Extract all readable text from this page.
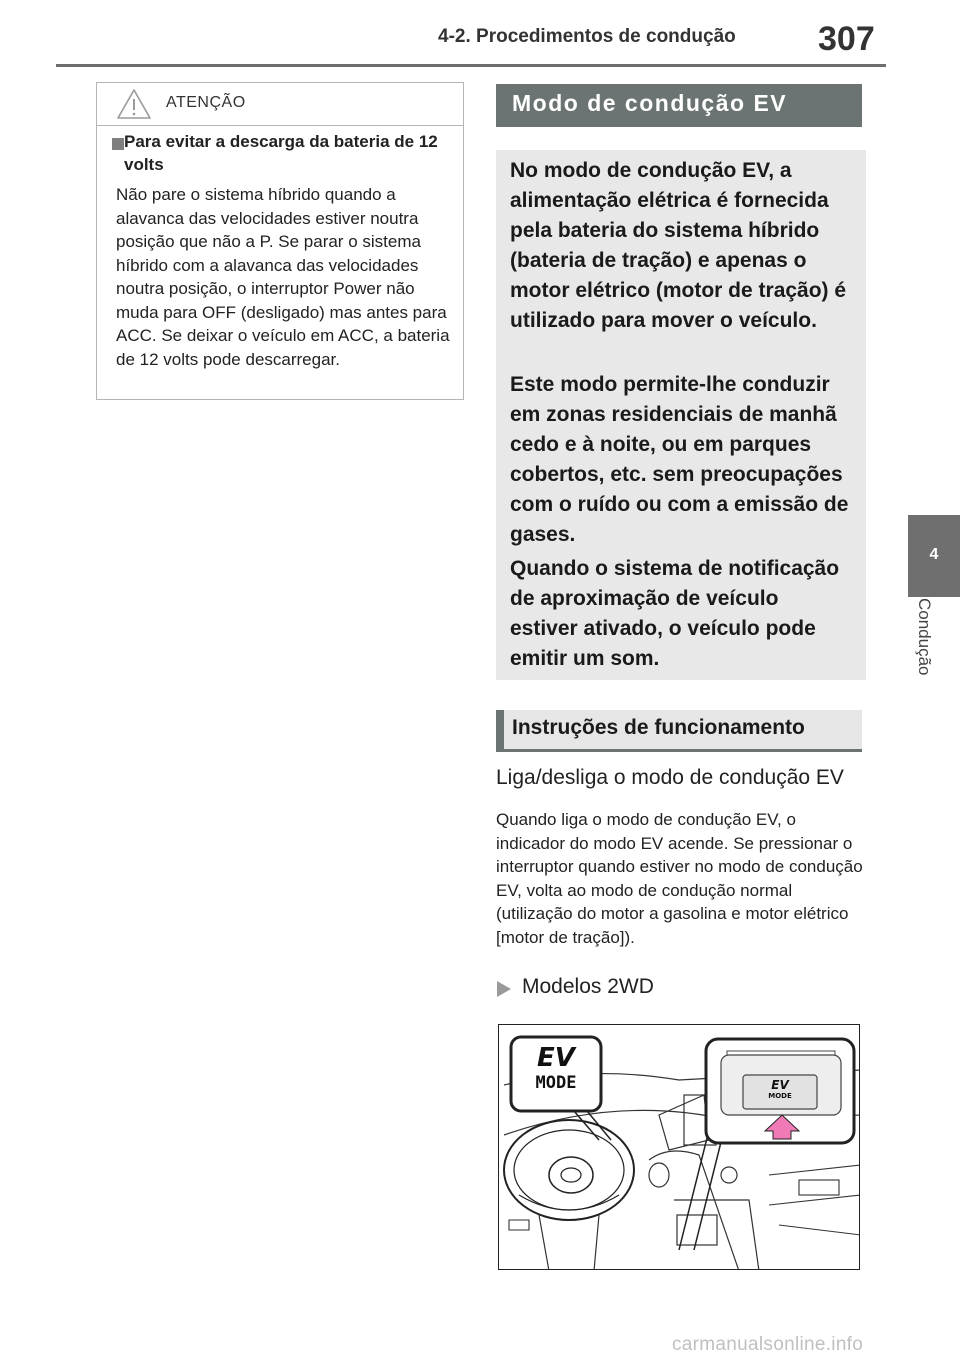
4-2. Procedimentos de condução	307
4
Condução
ATENÇÃO
Para evitar a descarga da bateria de 12 volts
Não pare o sistema híbrido quando a alavanca das velocidades estiver noutra posição que não a P. Se parar o sistema híbrido com a alavanca das velocidades noutra posição, o interruptor Power não muda para OFF (desligado) mas antes para ACC. Se deixar o veículo em ACC, a bateria de 12 volts pode descarregar.
Modo de condução EV
No modo de condução EV, a alimentação elétrica é fornecida pela bateria do sistema híbrido (bateria de tração) e apenas o motor elétrico (motor de tração) é utilizado para mover o veículo.
Este modo permite-lhe conduzir em zonas residenciais de manhã cedo e à noite, ou em parques cobertos, etc. sem preocupações com o ruído ou com a emissão de gases.
Quando o sistema de notificação de aproximação de veículo estiver ativado, o veículo pode emitir um som.
Instruções de funcionamento
Liga/desliga o modo de condução EV
Quando liga o modo de condução EV, o indicador do modo EV acende. Se pressionar o interruptor quando estiver no modo de condução EV, volta ao modo de condução normal (utilização do motor a gasolina e motor elétrico [motor de tração]).
Modelos 2WD
EV
MODE	EV
MODE
carmanualsonline.info
